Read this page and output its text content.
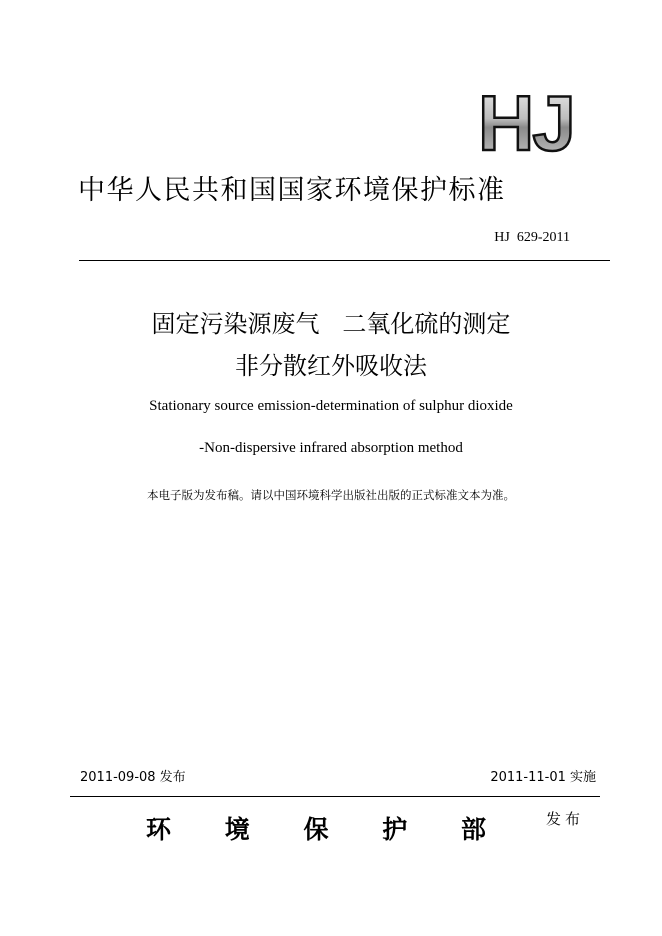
HJ
中华人民共和国国家环境保护标准
HJ  629-2011
固定污染源废气   二氧化硫的测定
非分散红外吸收法
Stationary source emission-determination of sulphur dioxide
-Non-dispersive infrared absorption method
本电子版为发布稿。请以中国环境科学出版社出版的正式标准文本为准。
2011-09-08 发布	2011-11-01 实施
环 境 保 护 部	发布
